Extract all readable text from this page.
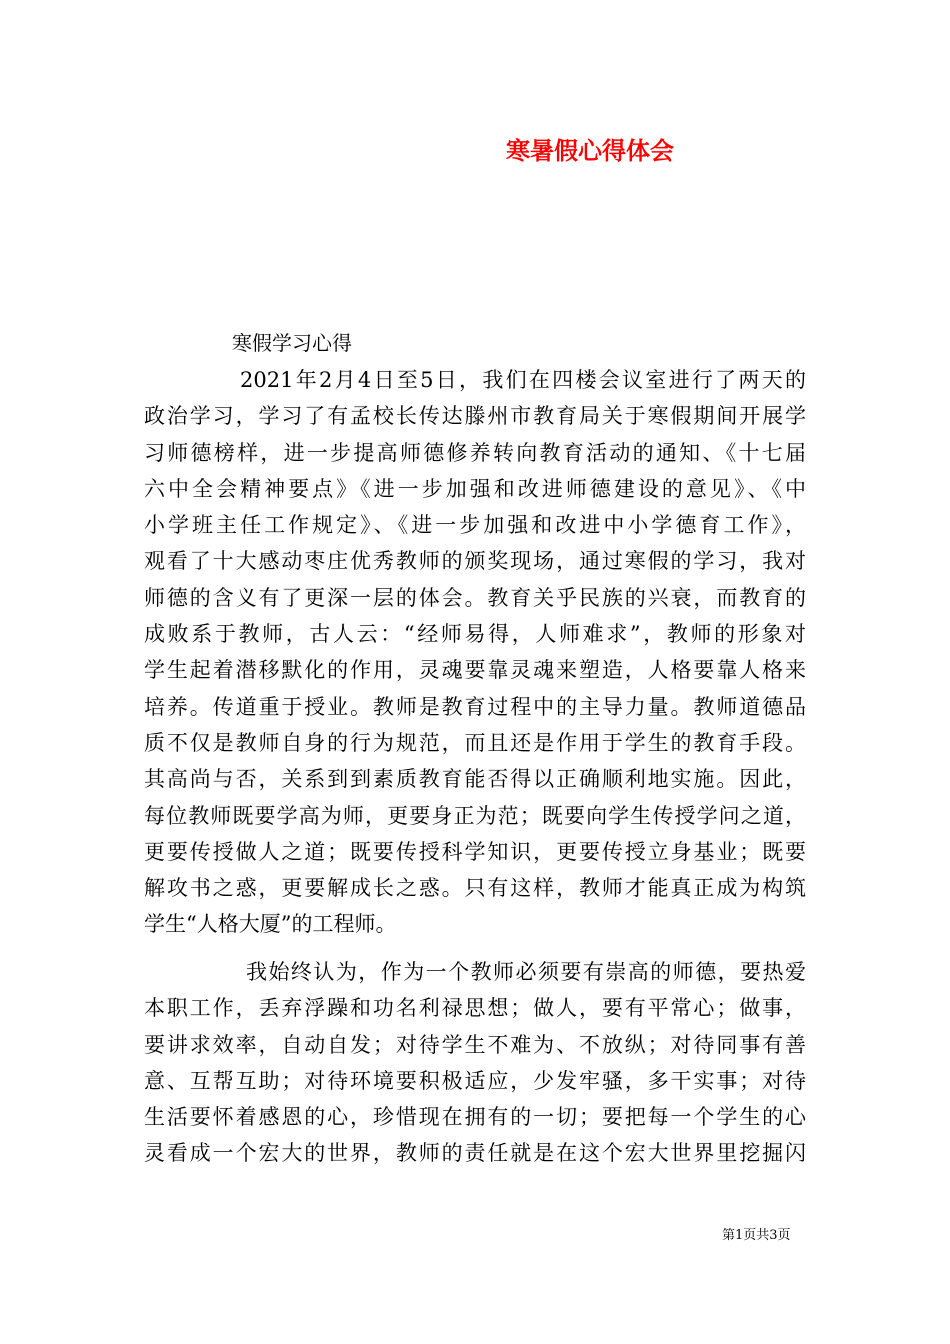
寒暑假心得体会

寒假学习心得

2021年2月4日至5日，我们在四楼会议室进行了两天的
政治学习，学习了有孟校长传达滕州市教育局关于寒假期间开展学
习师德榜样，进一步提高师德修养转向教育活动的通知、《十七届
六中全会精神要点》《进一步加强和改进师德建设的意见》、《中
小学班主任工作规定》、《进一步加强和改进中小学德育工作》，
观看了十大感动枣庄优秀教师的颁奖现场，通过寒假的学习，我对
师德的含义有了更深一层的体会。教育关乎民族的兴衰，而教育的
成败系于教师，古人云：“经师易得，人师难求”，教师的形象对
学生起着潜移默化的作用，灵魂要靠灵魂来塑造，人格要靠人格来
培养。传道重于授业。教师是教育过程中的主导力量。教师道德品
质不仅是教师自身的行为规范，而且还是作用于学生的教育手段。
其高尚与否，关系到到素质教育能否得以正确顺利地实施。因此，
每位教师既要学高为师，更要身正为范；既要向学生传授学问之道，
更要传授做人之道；既要传授科学知识，更要传授立身基业；既要
解攻书之惑，更要解成长之惑。只有这样，教师才能真正成为构筑
学生“人格大厦”的工程师。
我始终认为，作为一个教师必须要有崇高的师德，要热爱
本职工作，丢弃浮躁和功名利禄思想；做人，要有平常心；做事，
要讲求效率，自动自发；对待学生不难为、不放纵；对待同事有善
意、互帮互助；对待环境要积极适应，少发牢骚，多干实事；对待
生活要怀着感恩的心，珍惜现在拥有的一切；要把每一个学生的心
灵看成一个宏大的世界，教师的责任就是在这个宏大世界里挖掘闪

第1页共3页
